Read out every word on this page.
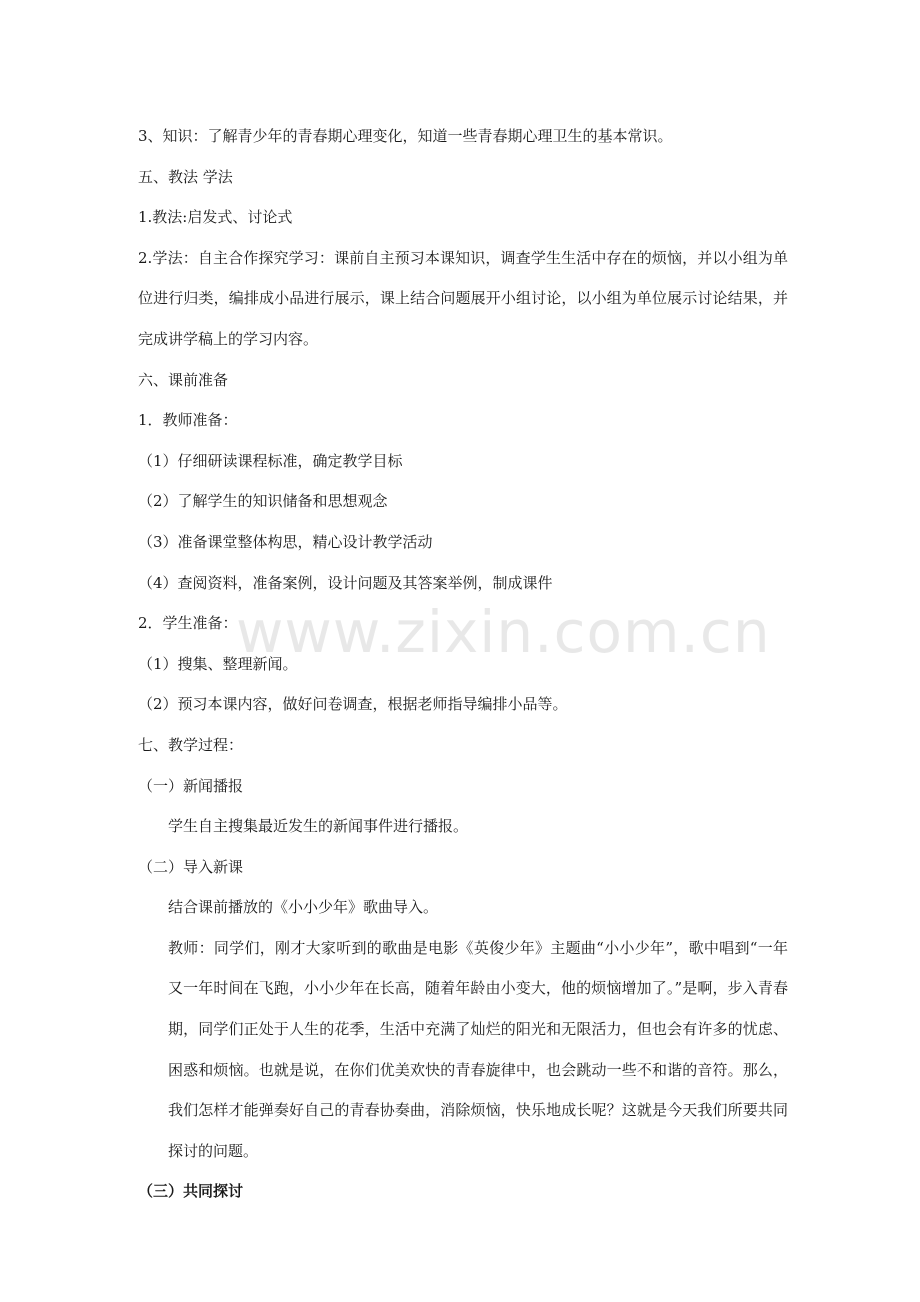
3、知识：了解青少年的青春期心理变化，知道一些青春期心理卫生的基本常识。

五、教法 学法

1.教法:启发式、讨论式

2.学法：自主合作探究学习：课前自主预习本课知识，调查学生生活中存在的烦恼，并以小组为单位进行归类，编排成小品进行展示，课上结合问题展开小组讨论，以小组为单位展示讨论结果，并完成讲学稿上的学习内容。

六、课前准备

1．教师准备：

（1）仔细研读课程标准，确定教学目标

（2）了解学生的知识储备和思想观念

（3）准备课堂整体构思，精心设计教学活动

（4）查阅资料，准备案例，设计问题及其答案举例，制成课件

2．学生准备：

（1）搜集、整理新闻。

（2）预习本课内容，做好问卷调查，根据老师指导编排小品等。

七、教学过程：

（一）新闻播报

学生自主搜集最近发生的新闻事件进行播报。

（二）导入新课

结合课前播放的《小小少年》歌曲导入。

教师：同学们，刚才大家听到的歌曲是电影《英俊少年》主题曲“小小少年”，歌中唱到“一年又一年时间在飞跑，小小少年在长高，随着年龄由小变大，他的烦恼增加了。”是啊，步入青春期，同学们正处于人生的花季，生活中充满了灿烂的阳光和无限活力，但也会有许多的忧虑、困惑和烦恼。也就是说，在你们优美欢快的青春旋律中，也会跳动一些不和谐的音符。那么，我们怎样才能弹奏好自己的青春协奏曲，消除烦恼，快乐地成长呢？这就是今天我们所要共同探讨的问题。

（三）共同探讨

www.zixin.com.cn
